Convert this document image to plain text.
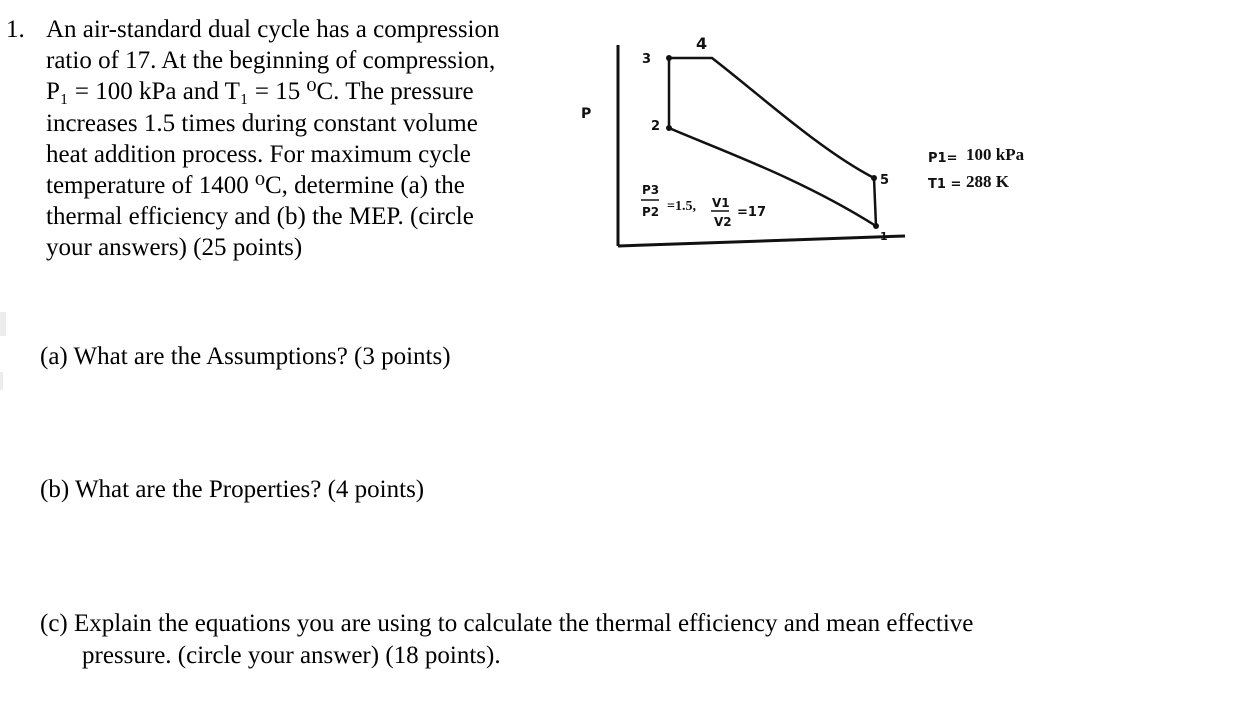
1. An air-standard dual cycle has a compression
ratio of 17. At the beginning of compression,
P₁ = 100 kPa and T₁ = 15 ⁰C. The pressure
increases 1.5 times during constant volume
heat addition process. For maximum cycle
temperature of 1400 ⁰C, determine (a) the
thermal efficiency and (b) the MEP. (circle
your answers) (25 points)
P
3
4
2
5
1
P3
P2 =1.5, V1
V2
=17
P1= 100 kPa
T1 = 288 K
(a) What are the Assumptions? (3 points)
(b) What are the Properties? (4 points)
(c) Explain the equations you are using to calculate the thermal efficiency and mean effective
pressure. (circle your answer) (18 points).
